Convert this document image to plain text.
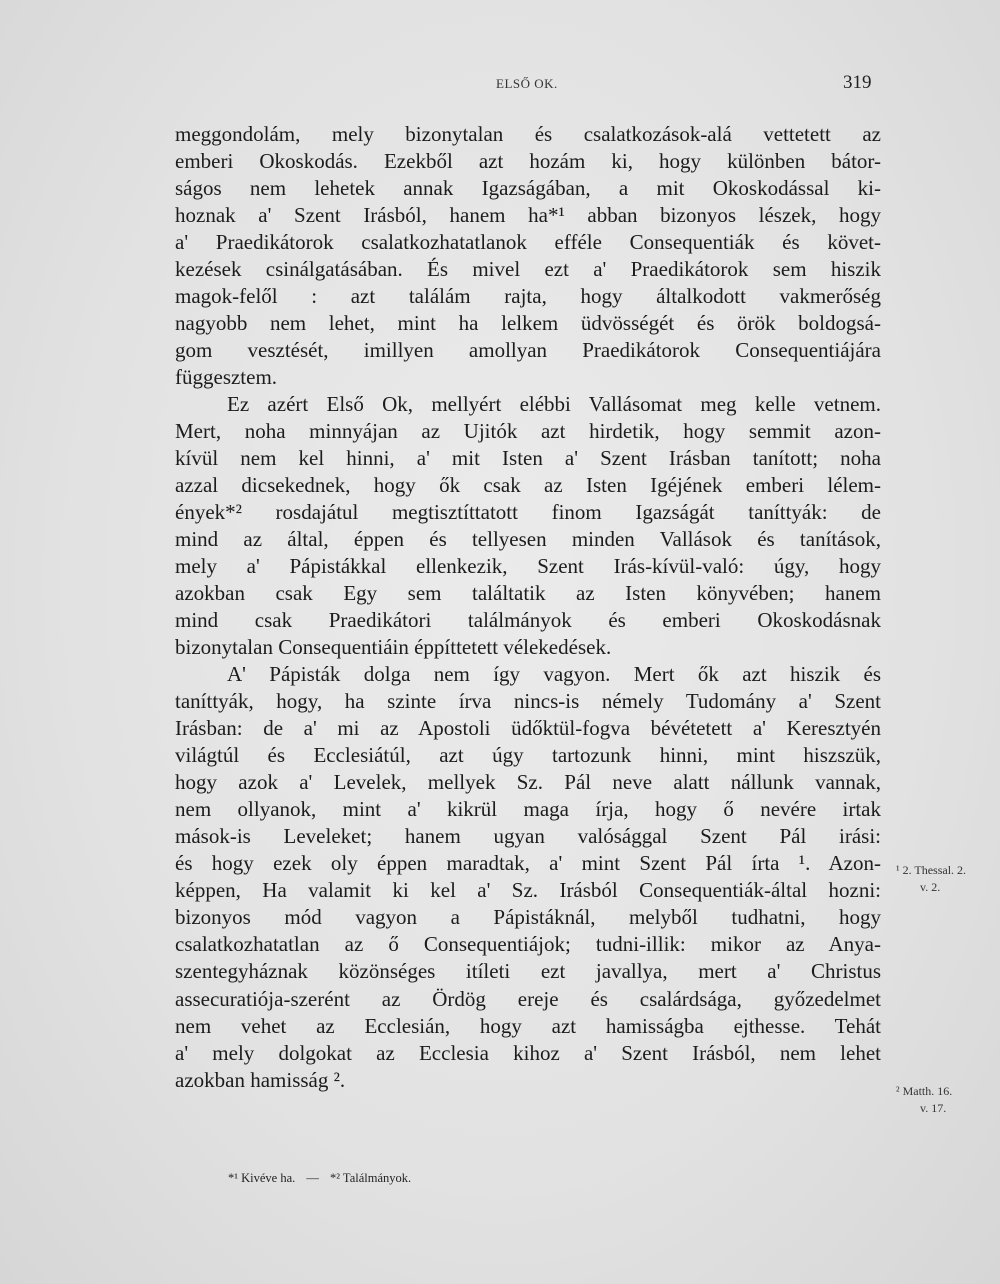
ELSŐ OK.	319
meggondolám, mely bizonytalan és csalatkozások-alá vettetett az
emberi Okoskodás. Ezekből azt hozám ki, hogy különben bátor-
ságos nem lehetek annak Igazságában, a mit Okoskodással ki-
hoznak a' Szent Irásból, hanem ha*¹ abban bizonyos lészek, hogy
a' Praedikátorok csalatkozhatatlanok efféle Consequentiák és követ-
kezések csinálgatásában. És mivel ezt a' Praedikátorok sem hiszik
magok-felől : azt találám rajta, hogy általkodott vakmerőség
nagyobb nem lehet, mint ha lelkem üdvösségét és örök boldogsá-
gom vesztését, imillyen amollyan Praedikátorok Consequentiájára
függesztem.
Ez azért Első Ok, mellyért elébbi Vallásomat meg kelle vetnem.
Mert, noha minnyájan az Ujitók azt hirdetik, hogy semmit azon-
kívül nem kel hinni, a' mit Isten a' Szent Irásban tanított; noha
azzal dicsekednek, hogy ők csak az Isten Igéjének emberi lélem-
ények*² rosdajátul megtisztíttatott finom Igazságát taníttyák: de
mind az által, éppen és tellyesen minden Vallások és tanítások,
mely a' Pápistákkal ellenkezik, Szent Irás-kívül-való: úgy, hogy
azokban csak Egy sem találtatik az Isten könyvében; hanem
mind csak Praedikátori találmányok és emberi Okoskodásnak
bizonytalan Consequentiáin éppíttetett vélekedések.
A' Pápisták dolga nem így vagyon. Mert ők azt hiszik és
taníttyák, hogy, ha szinte írva nincs-is némely Tudomány a' Szent
Irásban: de a' mi az Apostoli üdőktül-fogva bévétetett a' Keresztyén
világtúl és Ecclesiátúl, azt úgy tartozunk hinni, mint hiszszük,
hogy azok a' Levelek, mellyek Sz. Pál neve alatt nállunk vannak,
nem ollyanok, mint a' kikrül maga írja, hogy ő nevére irtak
mások-is Leveleket; hanem ugyan valósággal Szent Pál irási:
és hogy ezek oly éppen maradtak, a' mint Szent Pál írta ¹. Azon-
képpen, Ha valamit ki kel a' Sz. Irásból Consequentiák-által hozni:
bizonyos mód vagyon a Pápistáknál, melyből tudhatni, hogy
csalatkozhatatlan az ő Consequentiájok; tudni-illik: mikor az Anya-
szentegyháznak közönséges itíleti ezt javallya, mert a' Christus
assecuratiója-szerént az Ördög ereje és csalárdsága, győzedelmet
nem vehet az Ecclesián, hogy azt hamisságba ejthesse. Tehát
a' mely dolgokat az Ecclesia kihoz a' Szent Irásból, nem lehet
azokban hamisság ².
¹ 2. Thessal. 2.
v. 2.
² Matth. 16.
v. 17.
*¹ Kivéve ha. — *² Találmányok.
